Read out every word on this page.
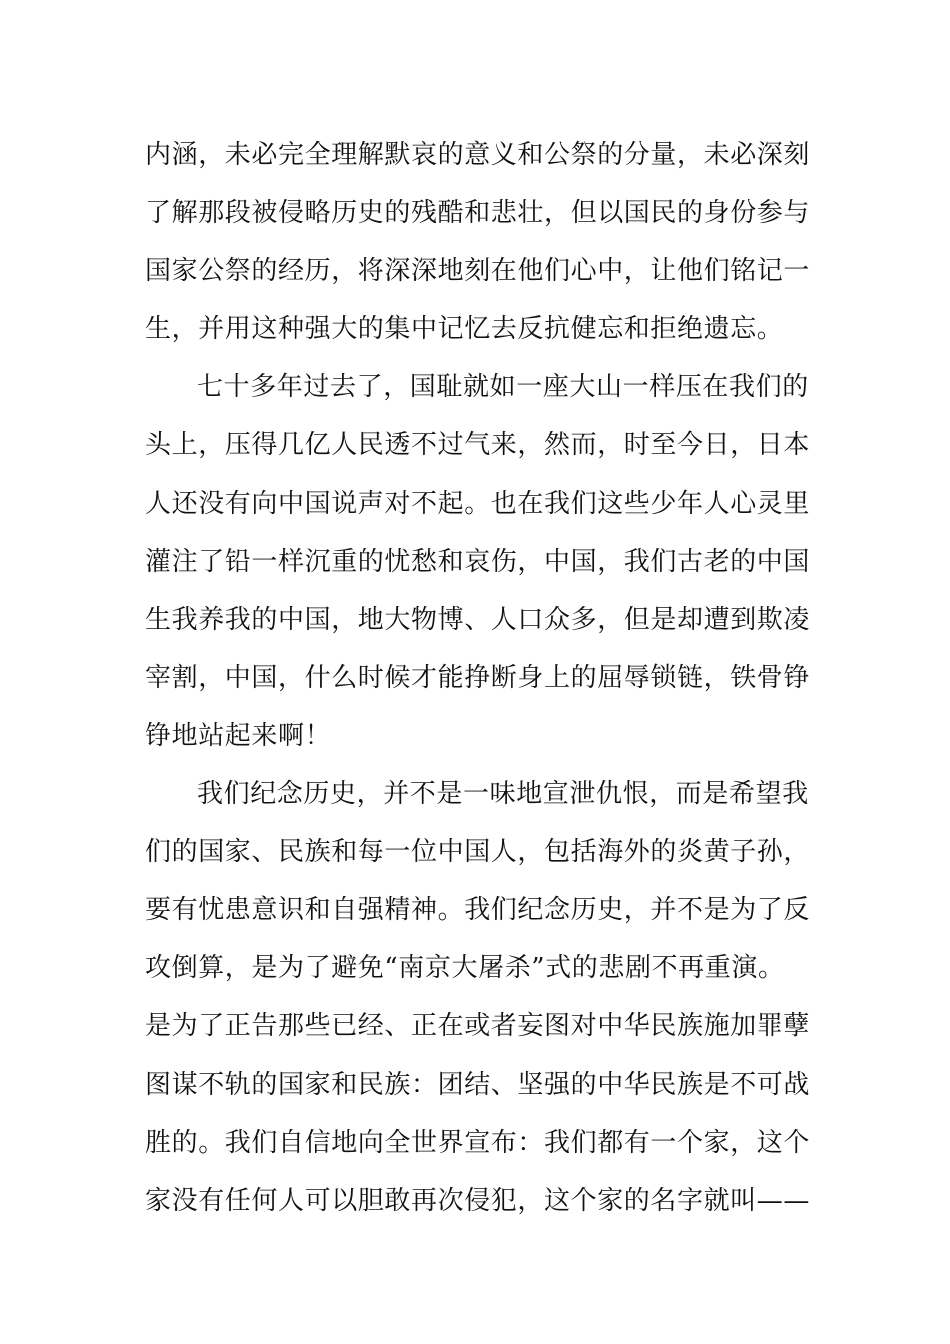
内涵，未必完全理解默哀的意义和公祭的分量，未必深刻
了解那段被侵略历史的残酷和悲壮，但以国民的身份参与
国家公祭的经历，将深深地刻在他们心中，让他们铭记一
生，并用这种强大的集中记忆去反抗健忘和拒绝遗忘。
七十多年过去了，国耻就如一座大山一样压在我们的
头上，压得几亿人民透不过气来，然而，时至今日，日本
人还没有向中国说声对不起。也在我们这些少年人心灵里
灌注了铅一样沉重的忧愁和哀伤，中国，我们古老的中国
生我养我的中国，地大物博、人口众多，但是却遭到欺凌
宰割，中国，什么时候才能挣断身上的屈辱锁链，铁骨铮
铮地站起来啊！
我们纪念历史，并不是一味地宣泄仇恨，而是希望我
们的国家、民族和每一位中国人，包括海外的炎黄子孙，
要有忧患意识和自强精神。我们纪念历史，并不是为了反
攻倒算，是为了避免“南京大屠杀”式的悲剧不再重演。
是为了正告那些已经、正在或者妄图对中华民族施加罪孽
图谋不轨的国家和民族：团结、坚强的中华民族是不可战
胜的。我们自信地向全世界宣布：我们都有一个家，这个
家没有任何人可以胆敢再次侵犯，这个家的名字就叫——
